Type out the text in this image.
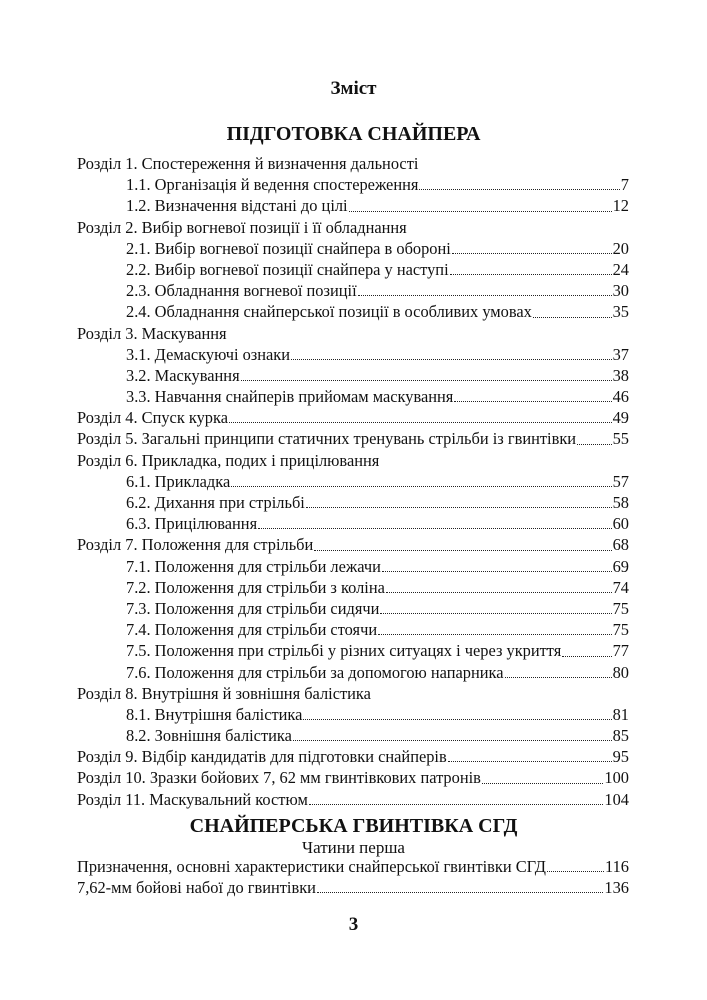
Зміст
ПІДГОТОВКА СНАЙПЕРА
Розділ 1. Спостереження й визначення дальності
1.1. Організація й ведення спостереження	7
1.2. Визначення відстані до цілі	12
Розділ 2. Вибір вогневої позиції і її обладнання
2.1. Вибір вогневої позиції снайпера в обороні	20
2.2. Вибір вогневої позиції снайпера у наступі	24
2.3. Обладнання вогневої позиції	30
2.4. Обладнання снайперської позиції в особливих умовах	35
Розділ 3. Маскування
3.1. Демаскуючі ознаки	37
3.2. Маскування	38
3.3. Навчання снайперів прийомам маскування	46
Розділ 4. Спуск курка	49
Розділ 5. Загальні принципи статичних тренувань стрільби із гвинтівки 55
Розділ 6. Прикладка, подих і прицілювання
6.1. Прикладка	57
6.2. Дихання при стрільбі	58
6.3. Прицілювання	60
Розділ 7. Положення для стрільби	68
7.1. Положення для стрільби лежачи	69
7.2. Положення для стрільби з коліна	74
7.3. Положення для стрільби сидячи	75
7.4. Положення для стрільби стоячи	75
7.5. Положення при стрільбі у різних ситуацях і через укриття	77
7.6. Положення для стрільби за допомогою напарника	80
Розділ 8. Внутрішня й зовнішня балістика
8.1. Внутрішня балістика	81
8.2. Зовнішня балістика	85
Розділ 9. Відбір кандидатів для підготовки снайперів	95
Розділ 10. Зразки бойових 7, 62 мм гвинтівкових патронів	100
Розділ 11. Маскувальний костюм	104
СНАЙПЕРСЬКА ГВИНТІВКА СГД
Чатини перша
Призначення, основні характеристики снайперської гвинтівки СГД	116
7,62-мм бойові набої до гвинтівки	136
3
